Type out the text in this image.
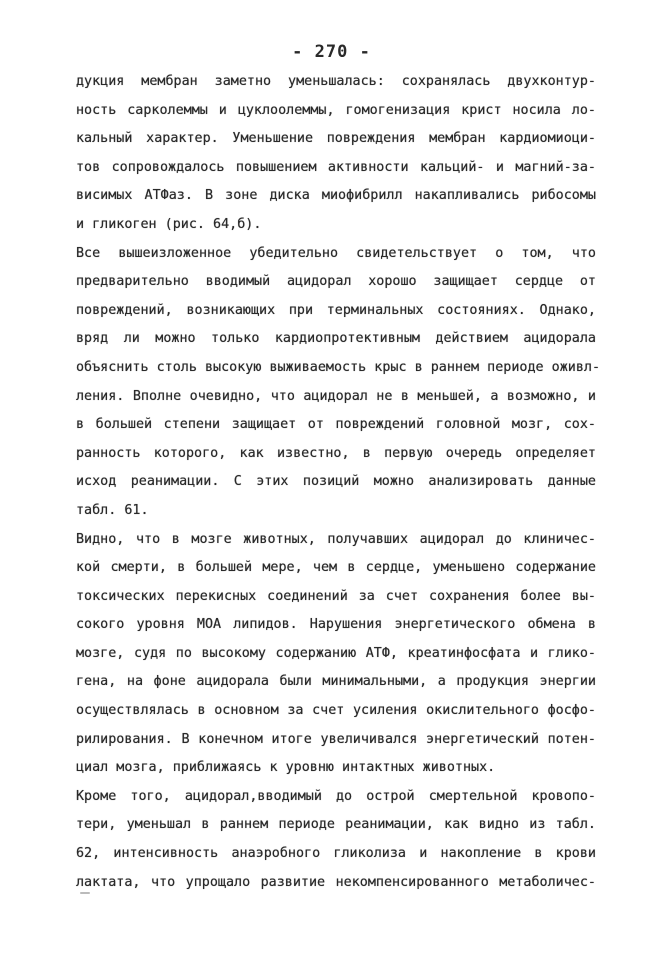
- 270 -
дукция мембран заметно уменьшалась: сохранялась двухконтур-
ность сарколеммы и цуклоолеммы, гомогенизация крист носила ло-
кальный характер. Уменьшение повреждения мембран кардиомиоци-
тов сопровождалось повышением активности кальций- и магний-за-
висимых АТФаз. В зоне диска миофибрилл накапливались рибосомы
и гликоген (рис. 64,б).
Все вышеизложенное убедительно свидетельствует о том, что
предварительно вводимый ацидорал хорошо защищает сердце от
повреждений, возникающих при терминальных состояниях. Однако,
вряд ли можно только кардиопротективным действием ацидорала
объяснить столь высокую выживаемость крыс в раннем периоде оживл-
ления. Вполне очевидно, что ацидорал не в меньшей, а возможно, и
в большей степени защищает от повреждений головной мозг, сох-
ранность которого, как известно, в первую очередь определяет
исход реанимации. С этих позиций можно анализировать данные
табл. 61.
Видно, что в мозге животных, получавших ацидорал до клиничес-
кой смерти, в большей мере, чем в сердце, уменьшено содержание
токсических перекисных соединений за счет сохранения более вы-
сокого уровня МОА липидов. Нарушения энергетического обмена в
мозге, судя по высокому содержанию АТФ, креатинфосфата и глико-
гена, на фоне ацидорала были минимальными, а продукция энергии
осуществлялась в основном за счет усиления окислительного фосфо-
рилирования. В конечном итоге увеличивался энергетический потен-
циал мозга, приближаясь к уровню интактных животных.
Кроме того, ацидорал,вводимый до острой смертельной кровопо-
тери, уменьшал в раннем периоде реанимации, как видно из табл.
62, интенсивность анаэробного гликолиза и накопление в крови
лактата, что упрощало развитие некомпенсированного метаболичес-
